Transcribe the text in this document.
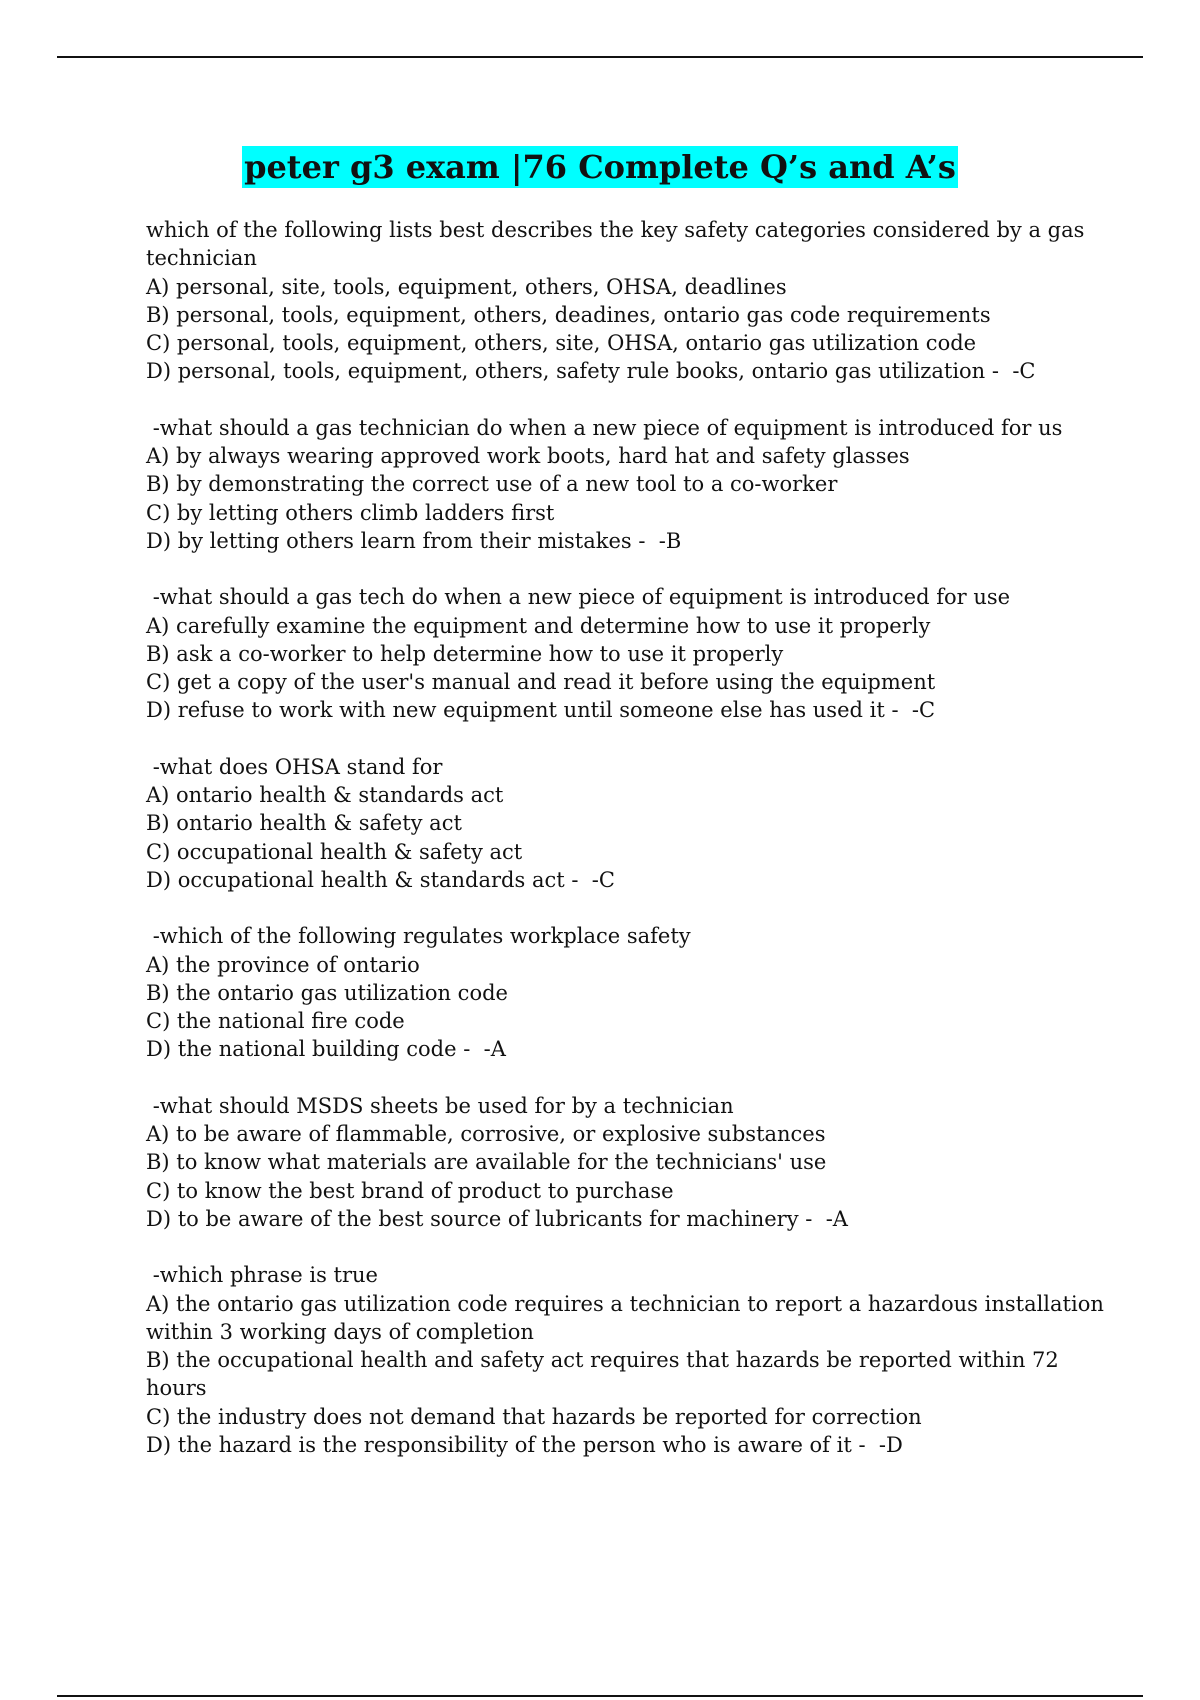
peter g3 exam |76 Complete Q’s and A’s
which of the following lists best describes the key safety categories considered by a gas
technician
A) personal, site, tools, equipment, others, OHSA, deadlines
B) personal, tools, equipment, others, deadines, ontario gas code requirements
C) personal, tools, equipment, others, site, OHSA, ontario gas utilization code
D) personal, tools, equipment, others, safety rule books, ontario gas utilization -  -C
-what should a gas technician do when a new piece of equipment is introduced for us
A) by always wearing approved work boots, hard hat and safety glasses
B) by demonstrating the correct use of a new tool to a co-worker
C) by letting others climb ladders first
D) by letting others learn from their mistakes -  -B
-what should a gas tech do when a new piece of equipment is introduced for use
A) carefully examine the equipment and determine how to use it properly
B) ask a co-worker to help determine how to use it properly
C) get a copy of the user's manual and read it before using the equipment
D) refuse to work with new equipment until someone else has used it -  -C
-what does OHSA stand for
A) ontario health & standards act
B) ontario health & safety act
C) occupational health & safety act
D) occupational health & standards act -  -C
-which of the following regulates workplace safety
A) the province of ontario
B) the ontario gas utilization code
C) the national fire code
D) the national building code -  -A
-what should MSDS sheets be used for by a technician
A) to be aware of flammable, corrosive, or explosive substances
B) to know what materials are available for the technicians' use
C) to know the best brand of product to purchase
D) to be aware of the best source of lubricants for machinery -  -A
-which phrase is true
A) the ontario gas utilization code requires a technician to report a hazardous installation
within 3 working days of completion
B) the occupational health and safety act requires that hazards be reported within 72 hours
C) the industry does not demand that hazards be reported for correction
D) the hazard is the responsibility of the person who is aware of it -  -D
